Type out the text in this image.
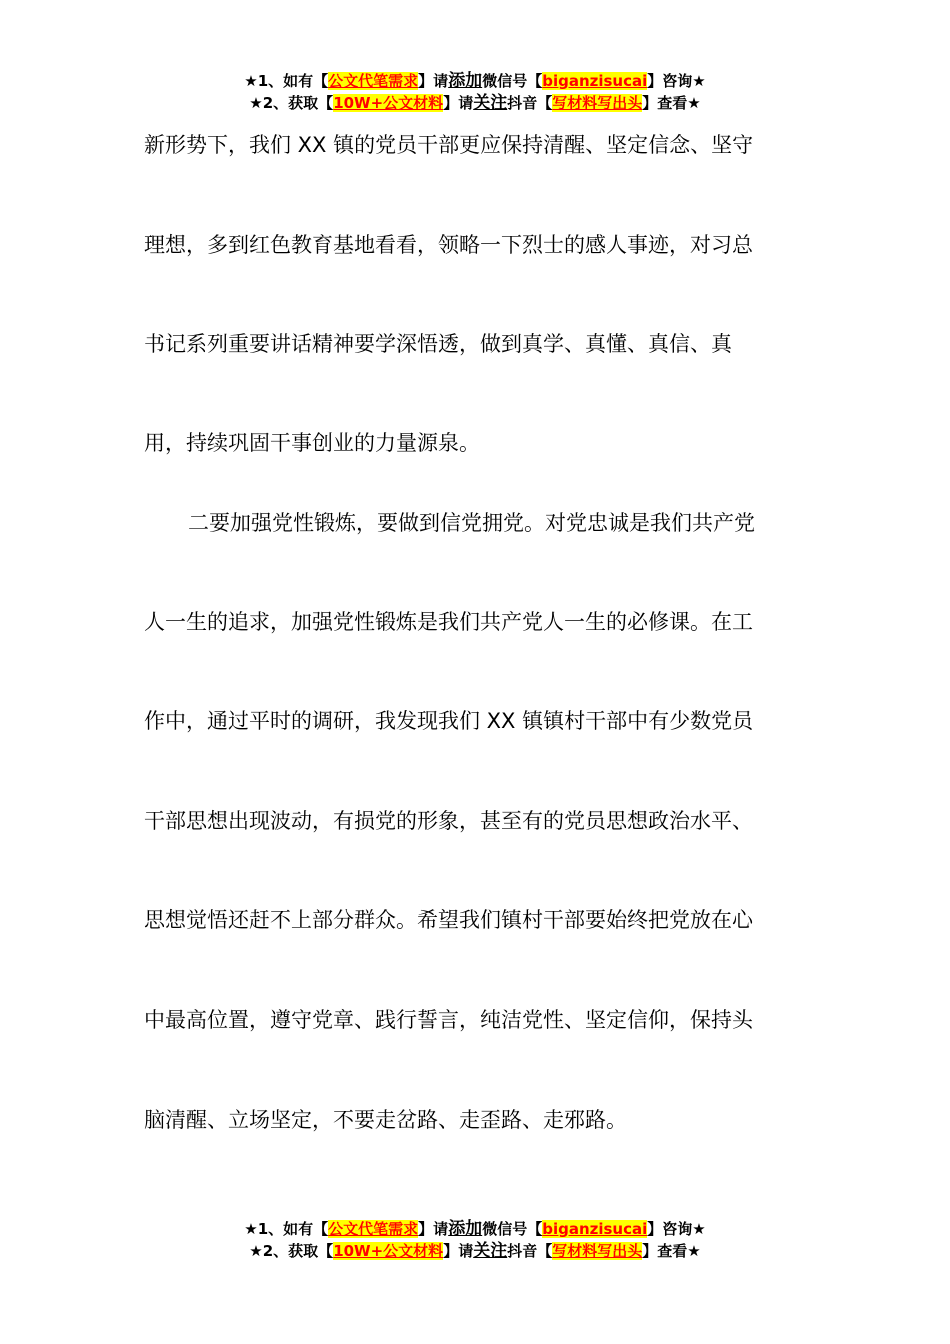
★1、如有【公文代笔需求】请添加微信号【biganzisucai】咨询★
★2、获取【10W+公文材料】请关注抖音【写材料写出头】查看★
新形势下，我们 XX 镇的党员干部更应保持清醒、坚定信念、坚守
理想，多到红色教育基地看看，领略一下烈士的感人事迹，对习总
书记系列重要讲话精神要学深悟透，做到真学、真懂、真信、真
用，持续巩固干事创业的力量源泉。
二要加强党性锻炼，要做到信党拥党。对党忠诚是我们共产党
人一生的追求，加强党性锻炼是我们共产党人一生的必修课。在工
作中，通过平时的调研，我发现我们 XX 镇镇村干部中有少数党员
干部思想出现波动，有损党的形象，甚至有的党员思想政治水平、
思想觉悟还赶不上部分群众。希望我们镇村干部要始终把党放在心
中最高位置，遵守党章、践行誓言，纯洁党性、坚定信仰，保持头
脑清醒、立场坚定，不要走岔路、走歪路、走邪路。
★1、如有【公文代笔需求】请添加微信号【biganzisucai】咨询★
★2、获取【10W+公文材料】请关注抖音【写材料写出头】查看★
